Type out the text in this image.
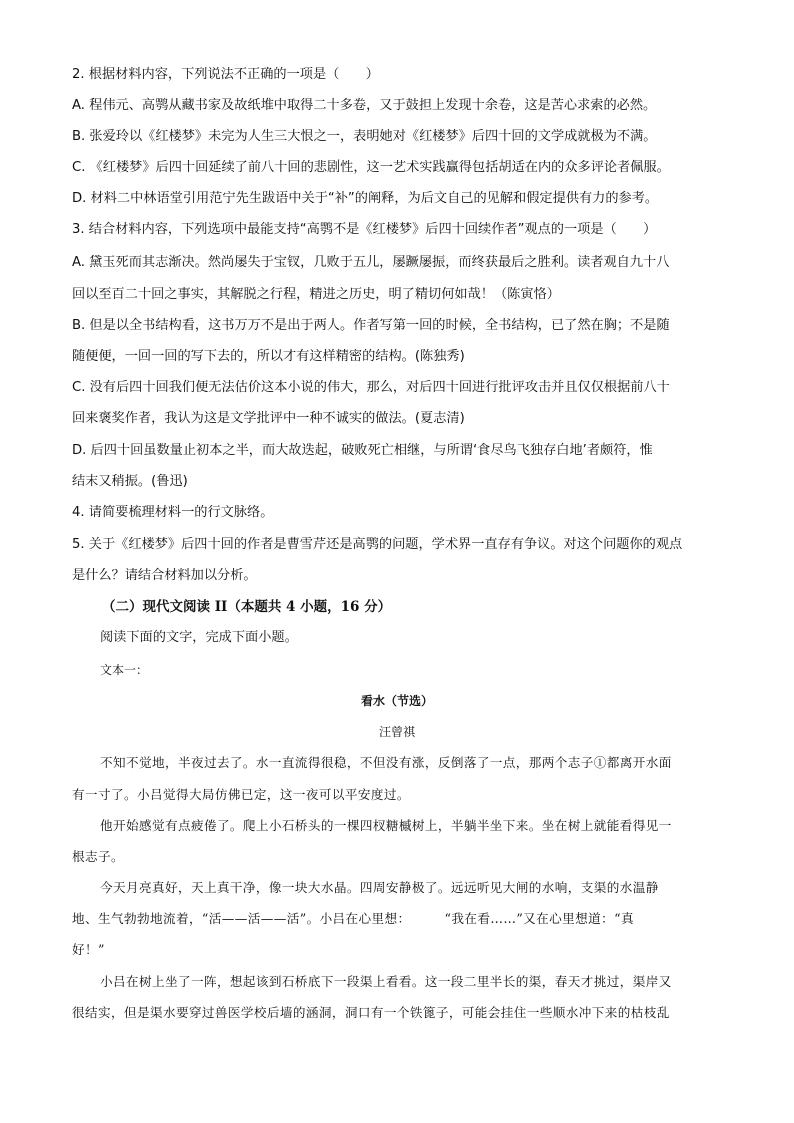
2. 根据材料内容，下列说法不正确的一项是（　　）
A. 程伟元、高鹗从藏书家及故纸堆中取得二十多卷，又于鼓担上发现十余卷，这是苦心求索的必然。
B. 张爱玲以《红楼梦》未完为人生三大恨之一，表明她对《红楼梦》后四十回的文学成就极为不满。
C. 《红楼梦》后四十回延续了前八十回的悲剧性，这一艺术实践赢得包括胡适在内的众多评论者佩服。
D. 材料二中林语堂引用范宁先生跋语中关于“补”的阐释，为后文自己的见解和假定提供有力的参考。
3. 结合材料内容，下列选项中最能支持“高鹗不是《红楼梦》后四十回续作者”观点的一项是（　　）
A. 黛玉死而其志渐决。然尚屡失于宝钗，几败于五儿，屡蹶屡振，而终获最后之胜利。读者观自九十八
回以至百二十回之事实，其解脱之行程，精进之历史，明了精切何如哉！（陈寅恪）
B. 但是以全书结构看，这书万万不是出于两人。作者写第一回的时候，全书结构，已了然在胸；不是随
随便便，一回一回的写下去的，所以才有这样精密的结构。(陈独秀)
C. 没有后四十回我们便无法估价这本小说的伟大，那么，对后四十回进行批评攻击并且仅仅根据前八十
回来褒奖作者，我认为这是文学批评中一种不诚实的做法。(夏志清)
D. 后四十回虽数量止初本之半，而大故迭起，破败死亡相继，与所谓‘食尽鸟飞独存白地’者颇符，惟
结末又稍振。(鲁迅)
4. 请简要梳理材料一的行文脉络。
5. 关于《红楼梦》后四十回的作者是曹雪芹还是高鹗的问题，学术界一直存有争议。对这个问题你的观点
是什么？请结合材料加以分析。
（二）现代文阅读 II（本题共 4 小题，16 分）
阅读下面的文字，完成下面小题。
文本一：
看水（节选）
汪曾祺
不知不觉地，半夜过去了。水一直流得很稳，不但没有涨，反倒落了一点，那两个志子①都离开水面
有一寸了。小吕觉得大局仿佛已定，这一夜可以平安度过。
他开始感觉有点疲倦了。爬上小石桥头的一棵四杈糖槭树上，半躺半坐下来。坐在树上就能看得见一
根志子。
今天月亮真好，天上真干净，像一块大水晶。四周安静极了。远远听见大闸的水响，支渠的水温静
地、生气勃勃地流着，“活——活——活”。小吕在心里想：	“我在看……”又在心里想道：“真
好！”
小吕在树上坐了一阵，想起该到石桥底下一段渠上看看。这一段二里半长的渠，春天才挑过，渠岸又
很结实，但是渠水要穿过兽医学校后墙的涵洞，洞口有一个铁篦子，可能会挂住一些顺水冲下来的枯枝乱
